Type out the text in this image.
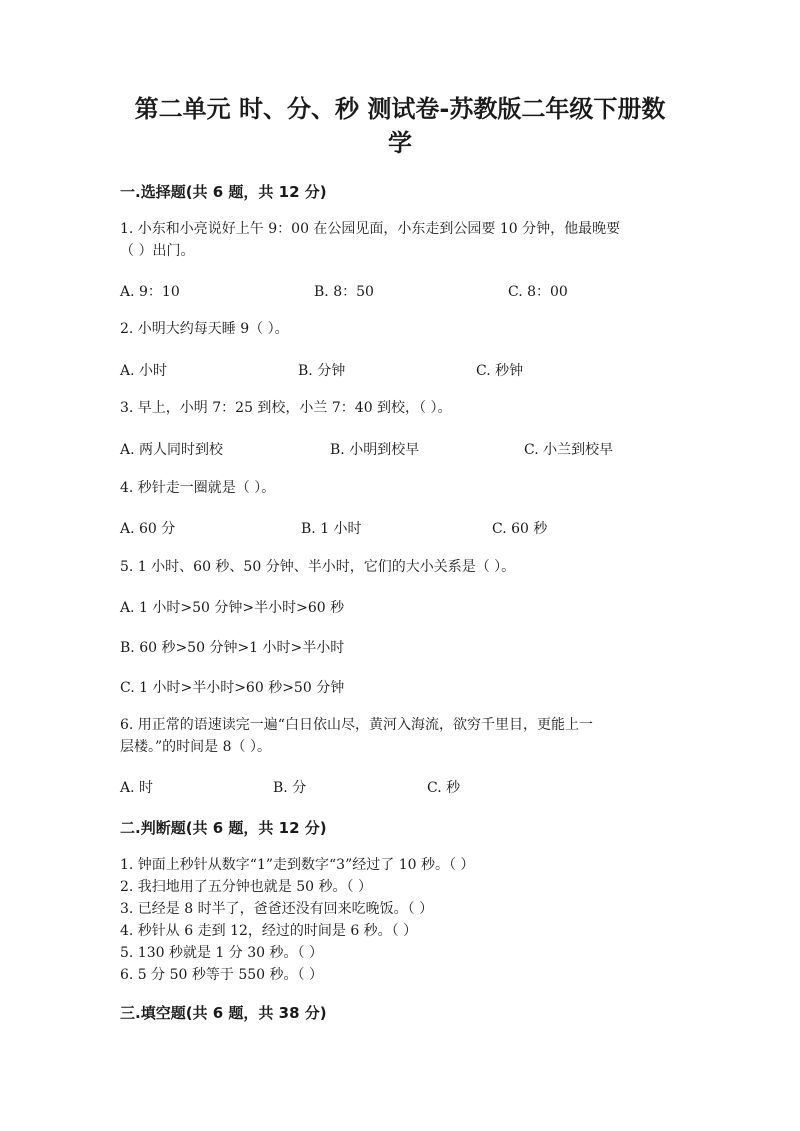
第二单元 时、分、秒 测试卷-苏教版二年级下册数
学
一.选择题(共 6 题，共 12 分)
1. 小东和小亮说好上午 9：00 在公园见面，小东走到公园要 10 分钟，他最晚要
（ ）出门。
A. 9：10	B. 8：50	C. 8：00
2. 小明大约每天睡 9（ ）。
A. 小时	B. 分钟	C. 秒钟
3. 早上，小明 7：25 到校，小兰 7：40 到校，（ ）。
A. 两人同时到校	B. 小明到校早	C. 小兰到校早
4. 秒针走一圈就是（ ）。
A. 60 分	B. 1 小时	C. 60 秒
5. 1 小时、60 秒、50 分钟、半小时，它们的大小关系是（ ）。
A. 1 小时>50 分钟>半小时>60 秒
B. 60 秒>50 分钟>1 小时>半小时
C. 1 小时>半小时>60 秒>50 分钟
6. 用正常的语速读完一遍“白日依山尽，黄河入海流，欲穷千里目，更能上一
层楼。”的时间是 8（ ）。
A. 时	B. 分	C. 秒
二.判断题(共 6 题，共 12 分)
1. 钟面上秒针从数字“1”走到数字“3”经过了 10 秒。（ ）
2. 我扫地用了五分钟也就是 50 秒。（ ）
3. 已经是 8 时半了，爸爸还没有回来吃晚饭。（ ）
4. 秒针从 6 走到 12，经过的时间是 6 秒。（ ）
5. 130 秒就是 1 分 30 秒。（ ）
6. 5 分 50 秒等于 550 秒。（ ）
三.填空题(共 6 题，共 38 分)
